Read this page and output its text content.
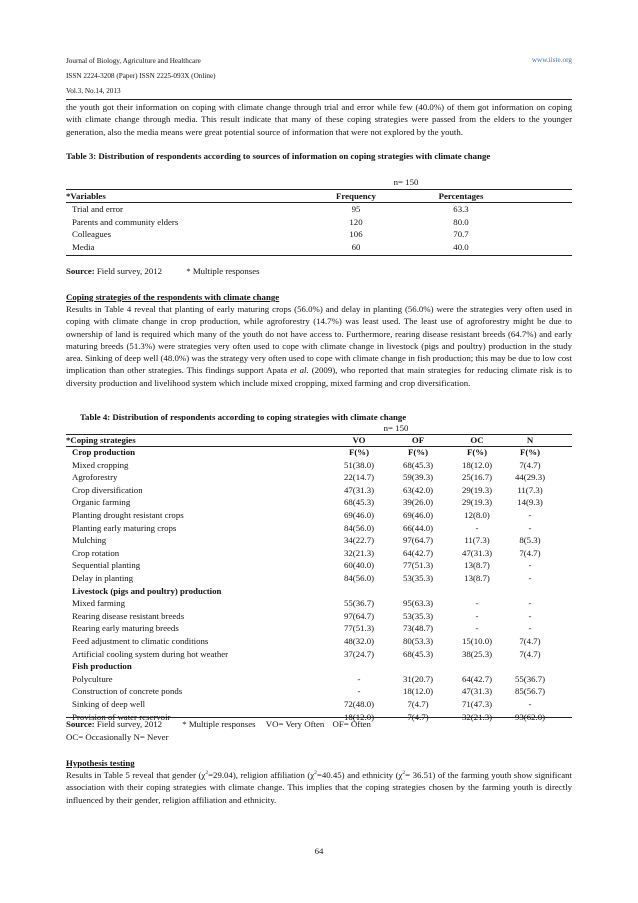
Journal of Biology, Agriculture and Healthcare
ISSN 2224-3208 (Paper) ISSN 2225-093X (Online)
Vol.3, No.14, 2013
www.iiste.org
the youth got their information on coping with climate change through trial and error while few (40.0%) of them got information on coping with climate change through media. This result indicate that many of these coping strategies were passed from the elders to the younger generation, also the media means were great potential source of information that were not explored by the youth.
Table 3: Distribution of respondents according to sources of information on coping strategies with climate change
n= 150
*Variables	Frequency	Percentages
Trial and error	95	63.3
Parents and community elders	120	80.0
Colleagues	106	70.7
Media	60	40.0
Source: Field survey, 2012	* Multiple responses
Coping strategies of the respondents with climate change
Results in Table 4 reveal that planting of early maturing crops (56.0%) and delay in planting (56.0%) were the strategies very often used in coping with climate change in crop production, while agroforestry (14.7%) was least used. The least use of agroforestry might be due to ownership of land is required which many of the youth do not have access to. Furthermore, rearing disease resistant breeds (64.7%) and early maturing breeds (51.3%) were strategies very often used to cope with climate change in livestock (pigs and poultry) production in the study area. Sinking of deep well (48.0%) was the strategy very often used to cope with climate change in fish production; this may be due to low cost implication than other strategies. This findings support Apata et al. (2009), who reported that main strategies for reducing climate risk is to diversity production and livelihood system which include mixed cropping, mixed farming and crop diversification.
Table 4: Distribution of respondents according to coping strategies with climate change
n= 150
*Coping strategies	VO	OF	OC	N
Crop production	F(%)	F(%)	F(%)	F(%)
Mixed cropping	51(38.0)	68(45.3)	18(12.0)	7(4.7)
Agroforestry	22(14.7)	59(39.3)	25(16.7)	44(29.3)
Crop diversification	47(31.3)	63(42.0)	29(19.3)	11(7.3)
Organic farming	68(45.3)	39(26.0)	29(19.3)	14(9.3)
Planting drought resistant crops	69(46.0)	69(46.0)	12(8.0)	-
Planting early maturing crops	84(56.0)	66(44.0)	-	-
Mulching	34(22.7)	97(64.7)	11(7.3)	8(5.3)
Crop rotation	32(21.3)	64(42.7)	47(31.3)	7(4.7)
Sequential planting	60(40.0)	77(51.3)	13(8.7)	-
Delay in planting	84(56.0)	53(35.3)	13(8.7)	-
Livestock (pigs and poultry) production
Mixed farming	55(36.7)	95(63.3)	-	-
Rearing disease resistant breeds	97(64.7)	53(35.3)	-	-
Rearing early maturing breeds	77(51.3)	73(48.7)	-	-
Feed adjustment to climatic conditions	48(32.0)	80(53.3)	15(10.0)	7(4.7)
Artificial cooling system during hot weather	37(24.7)	68(45.3)	38(25.3)	7(4.7)
Fish production
Polyculture	-	31(20.7)	64(42.7)	55(36.7)
Construction of concrete ponds	-	18(12.0)	47(31.3)	85(56.7)
Sinking of deep well	72(48.0)	7(4.7)	71(47.3)	-
Provision of water reservoir	18(12.0)	7(4.7)	32(21.3)	93(62.0)
Source: Field survey, 2012 * Multiple responses VO= Very Often OF= Often
OC= Occasionally N= Never
Hypothesis testing
Results in Table 5 reveal that gender $(\chi^2=29.04)$, religion affiliation $(\chi^2=40.45)$ and ethnicity $(\chi^2= 36.51)$ of the farming youth show significant association with their coping strategies with climate change. This implies that the coping strategies chosen by the farming youth is directly influenced by their gender, religion affiliation and ethnicity.
64
